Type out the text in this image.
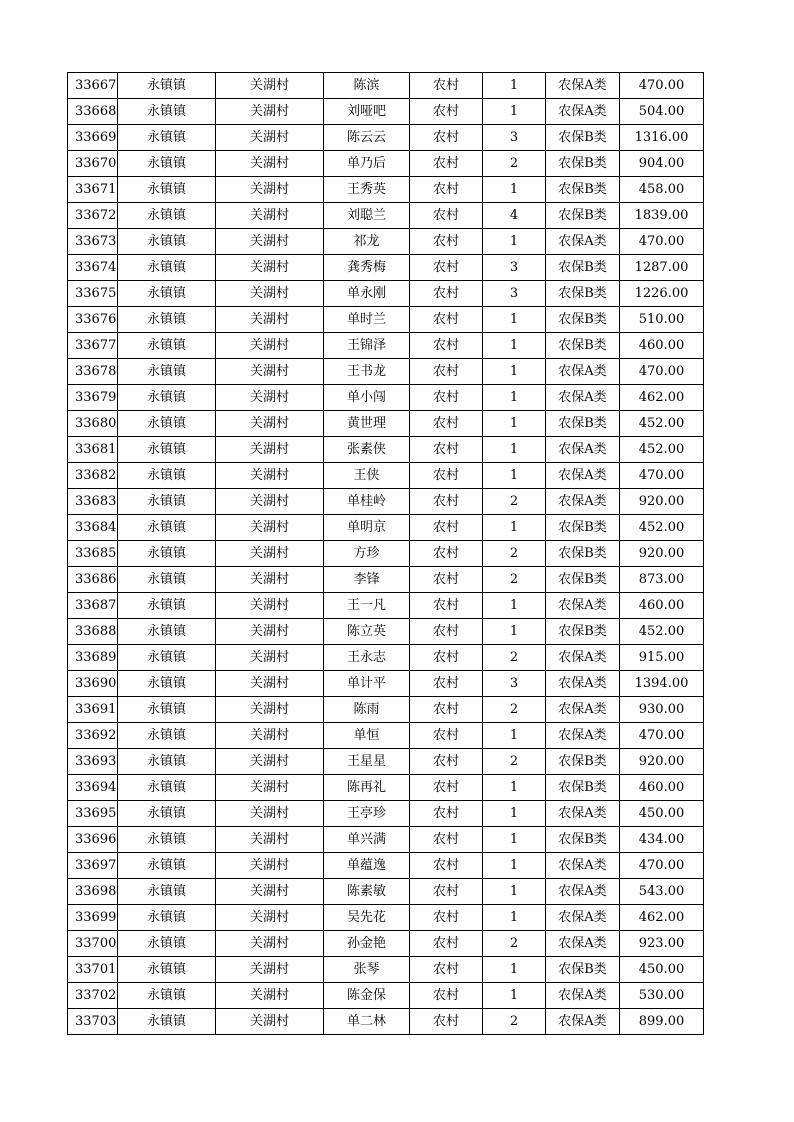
33667	永镇镇	关湖村	陈滨	农村	1	农保A类	470.00
33668	永镇镇	关湖村	刘哑吧	农村	1	农保A类	504.00
33669	永镇镇	关湖村	陈云云	农村	3	农保B类	1316.00
33670	永镇镇	关湖村	单乃后	农村	2	农保B类	904.00
33671	永镇镇	关湖村	王秀英	农村	1	农保B类	458.00
33672	永镇镇	关湖村	刘聪兰	农村	4	农保B类	1839.00
33673	永镇镇	关湖村	祁龙	农村	1	农保A类	470.00
33674	永镇镇	关湖村	龚秀梅	农村	3	农保B类	1287.00
33675	永镇镇	关湖村	单永刚	农村	3	农保B类	1226.00
33676	永镇镇	关湖村	单时兰	农村	1	农保B类	510.00
33677	永镇镇	关湖村	王锦泽	农村	1	农保B类	460.00
33678	永镇镇	关湖村	王书龙	农村	1	农保A类	470.00
33679	永镇镇	关湖村	单小闯	农村	1	农保A类	462.00
33680	永镇镇	关湖村	黄世理	农村	1	农保B类	452.00
33681	永镇镇	关湖村	张素侠	农村	1	农保A类	452.00
33682	永镇镇	关湖村	王侠	农村	1	农保A类	470.00
33683	永镇镇	关湖村	单桂岭	农村	2	农保A类	920.00
33684	永镇镇	关湖村	单明京	农村	1	农保B类	452.00
33685	永镇镇	关湖村	方珍	农村	2	农保B类	920.00
33686	永镇镇	关湖村	李锋	农村	2	农保B类	873.00
33687	永镇镇	关湖村	王一凡	农村	1	农保A类	460.00
33688	永镇镇	关湖村	陈立英	农村	1	农保B类	452.00
33689	永镇镇	关湖村	王永志	农村	2	农保A类	915.00
33690	永镇镇	关湖村	单计平	农村	3	农保A类	1394.00
33691	永镇镇	关湖村	陈雨	农村	2	农保A类	930.00
33692	永镇镇	关湖村	单恒	农村	1	农保A类	470.00
33693	永镇镇	关湖村	王星星	农村	2	农保B类	920.00
33694	永镇镇	关湖村	陈再礼	农村	1	农保B类	460.00
33695	永镇镇	关湖村	王亭珍	农村	1	农保A类	450.00
33696	永镇镇	关湖村	单兴满	农村	1	农保B类	434.00
33697	永镇镇	关湖村	单蕴逸	农村	1	农保A类	470.00
33698	永镇镇	关湖村	陈素敏	农村	1	农保A类	543.00
33699	永镇镇	关湖村	吴先花	农村	1	农保A类	462.00
33700	永镇镇	关湖村	孙金艳	农村	2	农保A类	923.00
33701	永镇镇	关湖村	张琴	农村	1	农保B类	450.00
33702	永镇镇	关湖村	陈金保	农村	1	农保A类	530.00
33703	永镇镇	关湖村	单二林	农村	2	农保A类	899.00
